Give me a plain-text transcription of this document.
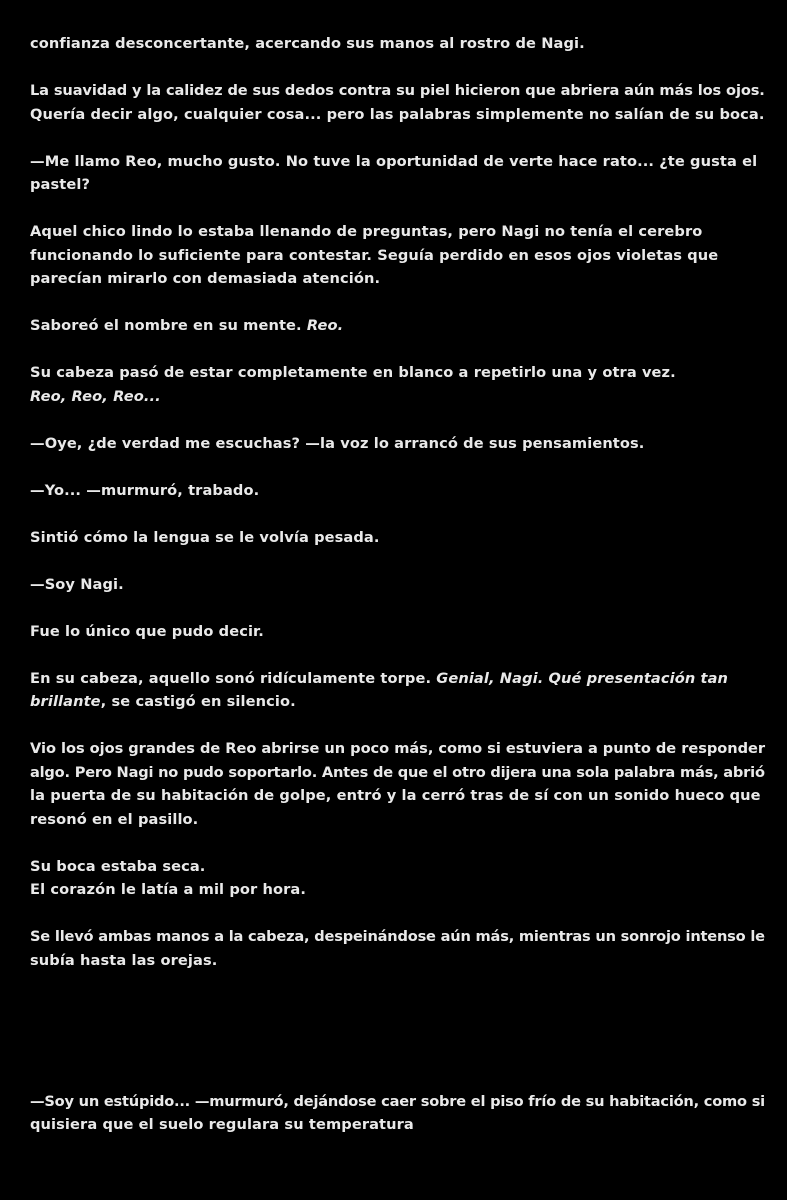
confianza desconcertante, acercando sus manos al rostro de Nagi.
La suavidad y la calidez de sus dedos contra su piel hicieron que abriera aún más los ojos.
Quería decir algo, cualquier cosa... pero las palabras simplemente no salían de su boca.
—Me llamo Reo, mucho gusto. No tuve la oportunidad de verte hace rato... ¿te gusta el
pastel?
Aquel chico lindo lo estaba llenando de preguntas, pero Nagi no tenía el cerebro
funcionando lo suficiente para contestar. Seguía perdido en esos ojos violetas que
parecían mirarlo con demasiada atención.
Saboreó el nombre en su mente. Reo.
Su cabeza pasó de estar completamente en blanco a repetirlo una y otra vez.
Reo, Reo, Reo...
—Oye, ¿de verdad me escuchas? —la voz lo arrancó de sus pensamientos.
—Yo... —murmuró, trabado.
Sintió cómo la lengua se le volvía pesada.
—Soy Nagi.
Fue lo único que pudo decir.
En su cabeza, aquello sonó ridículamente torpe. Genial, Nagi. Qué presentación tan
brillante, se castigó en silencio.
Vio los ojos grandes de Reo abrirse un poco más, como si estuviera a punto de responder
algo. Pero Nagi no pudo soportarlo. Antes de que el otro dijera una sola palabra más, abrió
la puerta de su habitación de golpe, entró y la cerró tras de sí con un sonido hueco que
resonó en el pasillo.
Su boca estaba seca.
El corazón le latía a mil por hora.
Se llevó ambas manos a la cabeza, despeinándose aún más, mientras un sonrojo intenso le
subía hasta las orejas.
—Soy un estúpido... —murmuró, dejándose caer sobre el piso frío de su habitación, como si
quisiera que el suelo regulara su temperatura
